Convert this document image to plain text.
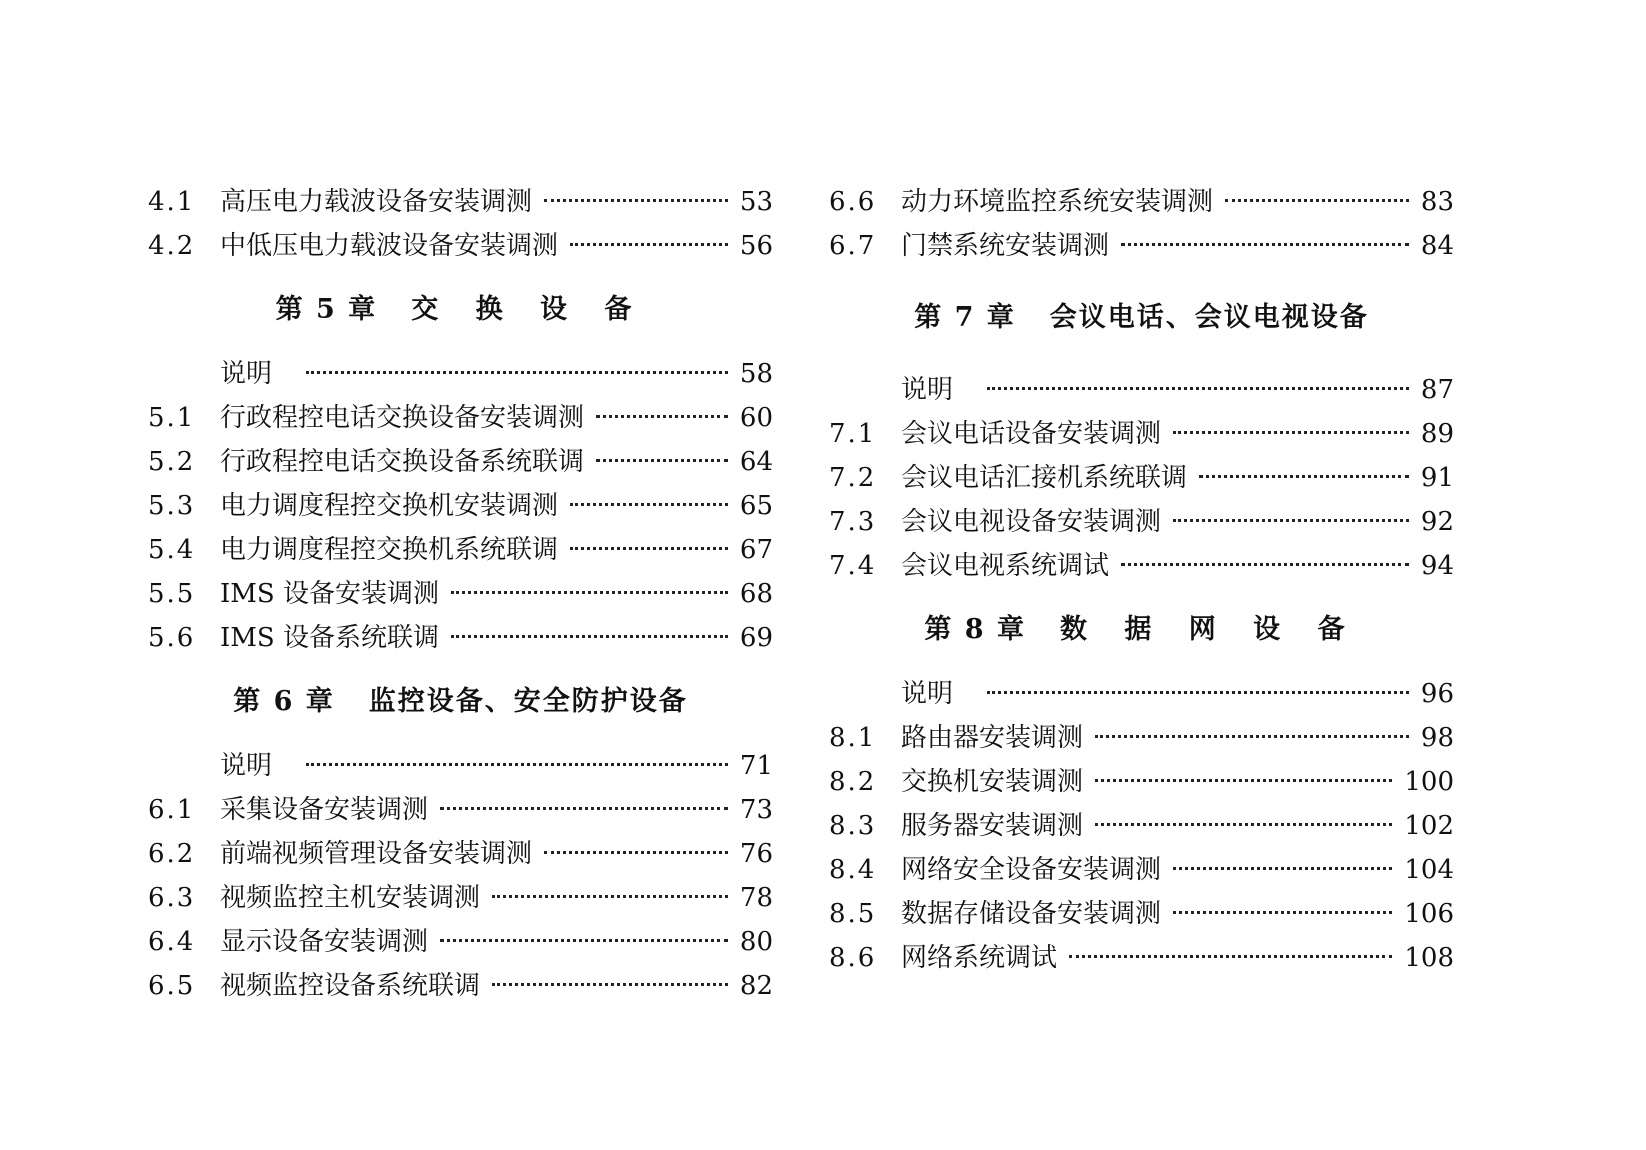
4.1 高压电力载波设备安装调测	53
4.2 中低压电力载波设备安装调测	56
第 5 章 交 换 设 备
说明	58
5.1 行政程控电话交换设备安装调测	60
5.2 行政程控电话交换设备系统联调	64
5.3 电力调度程控交换机安装调测	65
5.4 电力调度程控交换机系统联调	67
5.5 IMS 设备安装调测	68
5.6 IMS 设备系统联调	69
第 6 章 监控设备、安全防护设备
说明	71
6.1 采集设备安装调测	73
6.2 前端视频管理设备安装调测	76
6.3 视频监控主机安装调测	78
6.4 显示设备安装调测	80
6.5 视频监控设备系统联调	82
6.6 动力环境监控系统安装调测	83
6.7 门禁系统安装调测	84
第 7 章 会议电话、会议电视设备
说明	87
7.1 会议电话设备安装调测	89
7.2 会议电话汇接机系统联调	91
7.3 会议电视设备安装调测	92
7.4 会议电视系统调试	94
第 8 章 数 据 网 设 备
说明	96
8.1 路由器安装调测	98
8.2 交换机安装调测	100
8.3 服务器安装调测	102
8.4 网络安全设备安装调测	104
8.5 数据存储设备安装调测	106
8.6 网络系统调试	108
